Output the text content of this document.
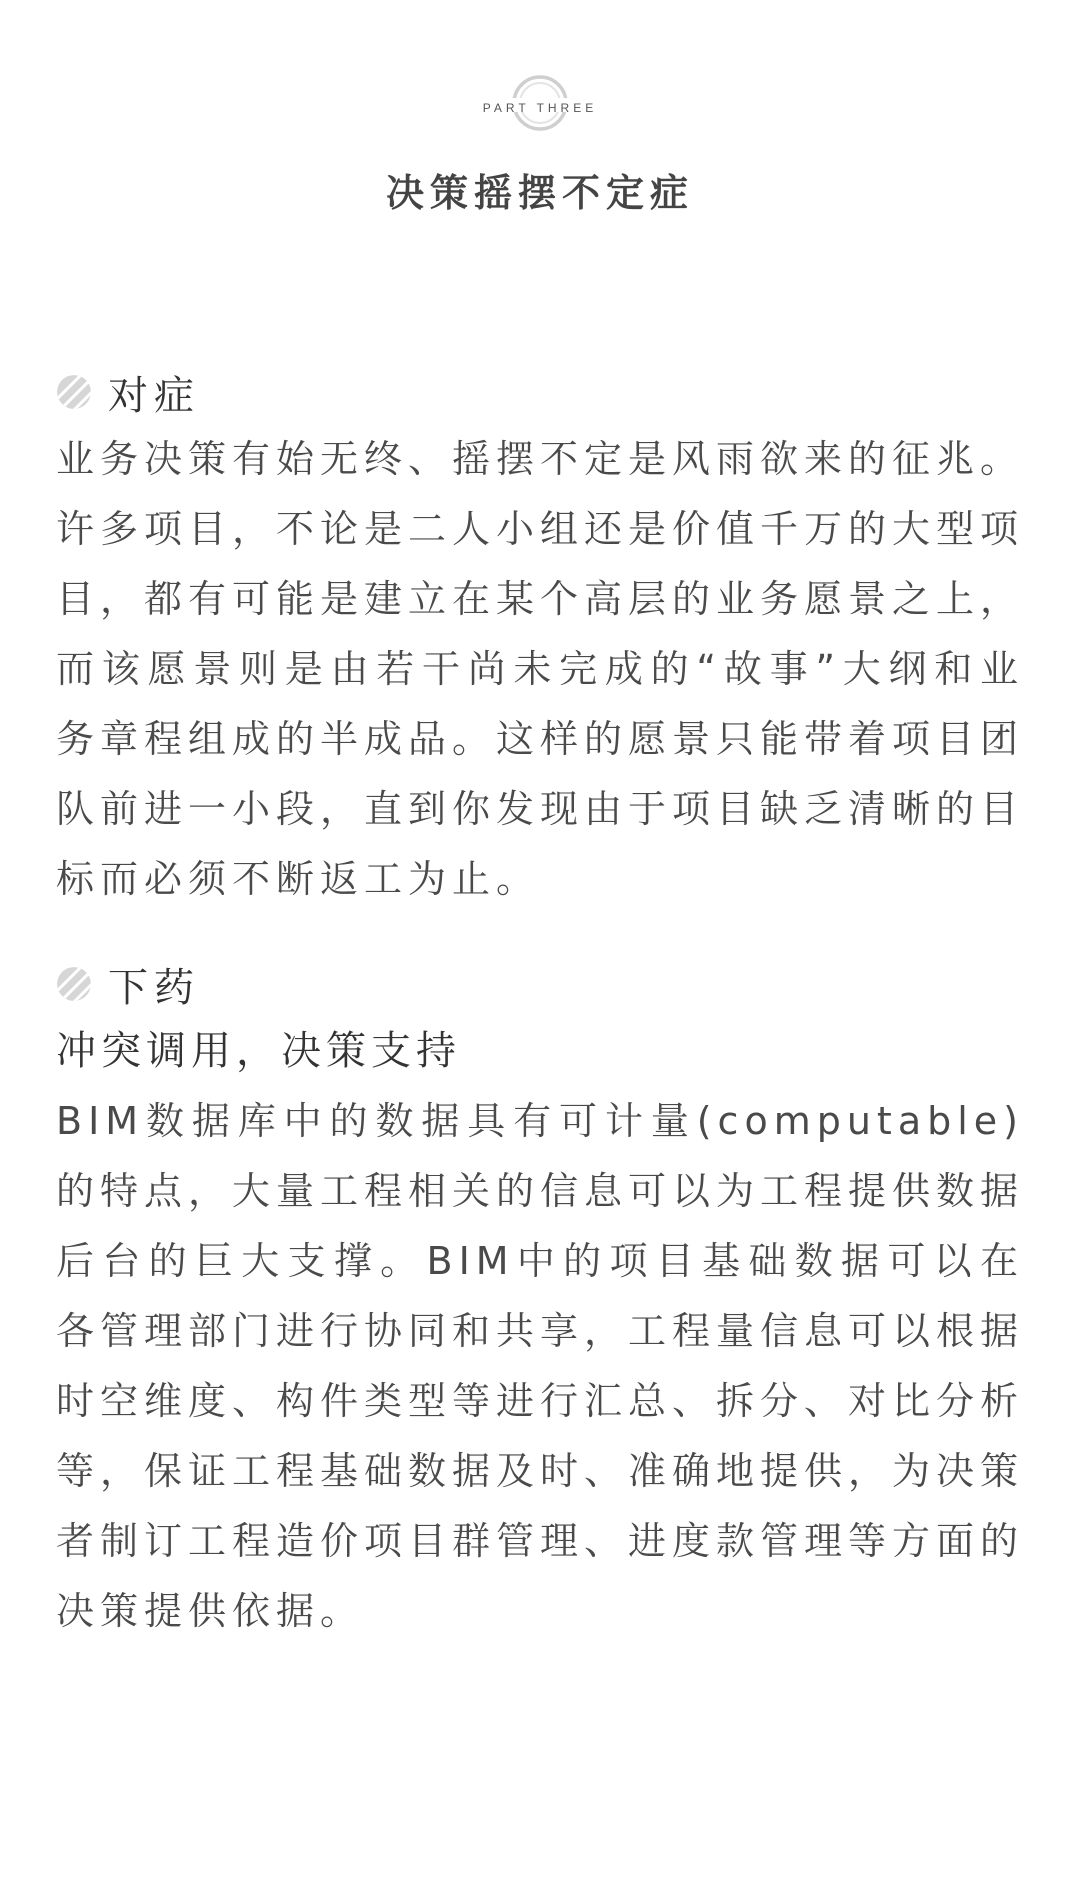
PART THREE
决策摇摆不定症
对症

业务决策有始无终、摇摆不定是风雨欲来的征兆。许多项目，不论是二人小组还是价值千万的大型项目，都有可能是建立在某个高层的业务愿景之上，而该愿景则是由若干尚未完成的“故事”大纲和业务章程组成的半成品。这样的愿景只能带着项目团队前进一小段，直到你发现由于项目缺乏清晰的目标而必须不断返工为止。

下药

冲突调用，决策支持

BIM数据库中的数据具有可计量(computable)的特点，大量工程相关的信息可以为工程提供数据后台的巨大支撑。BIM中的项目基础数据可以在各管理部门进行协同和共享，工程量信息可以根据时空维度、构件类型等进行汇总、拆分、对比分析等，保证工程基础数据及时、准确地提供，为决策者制订工程造价项目群管理、进度款管理等方面的决策提供依据。
